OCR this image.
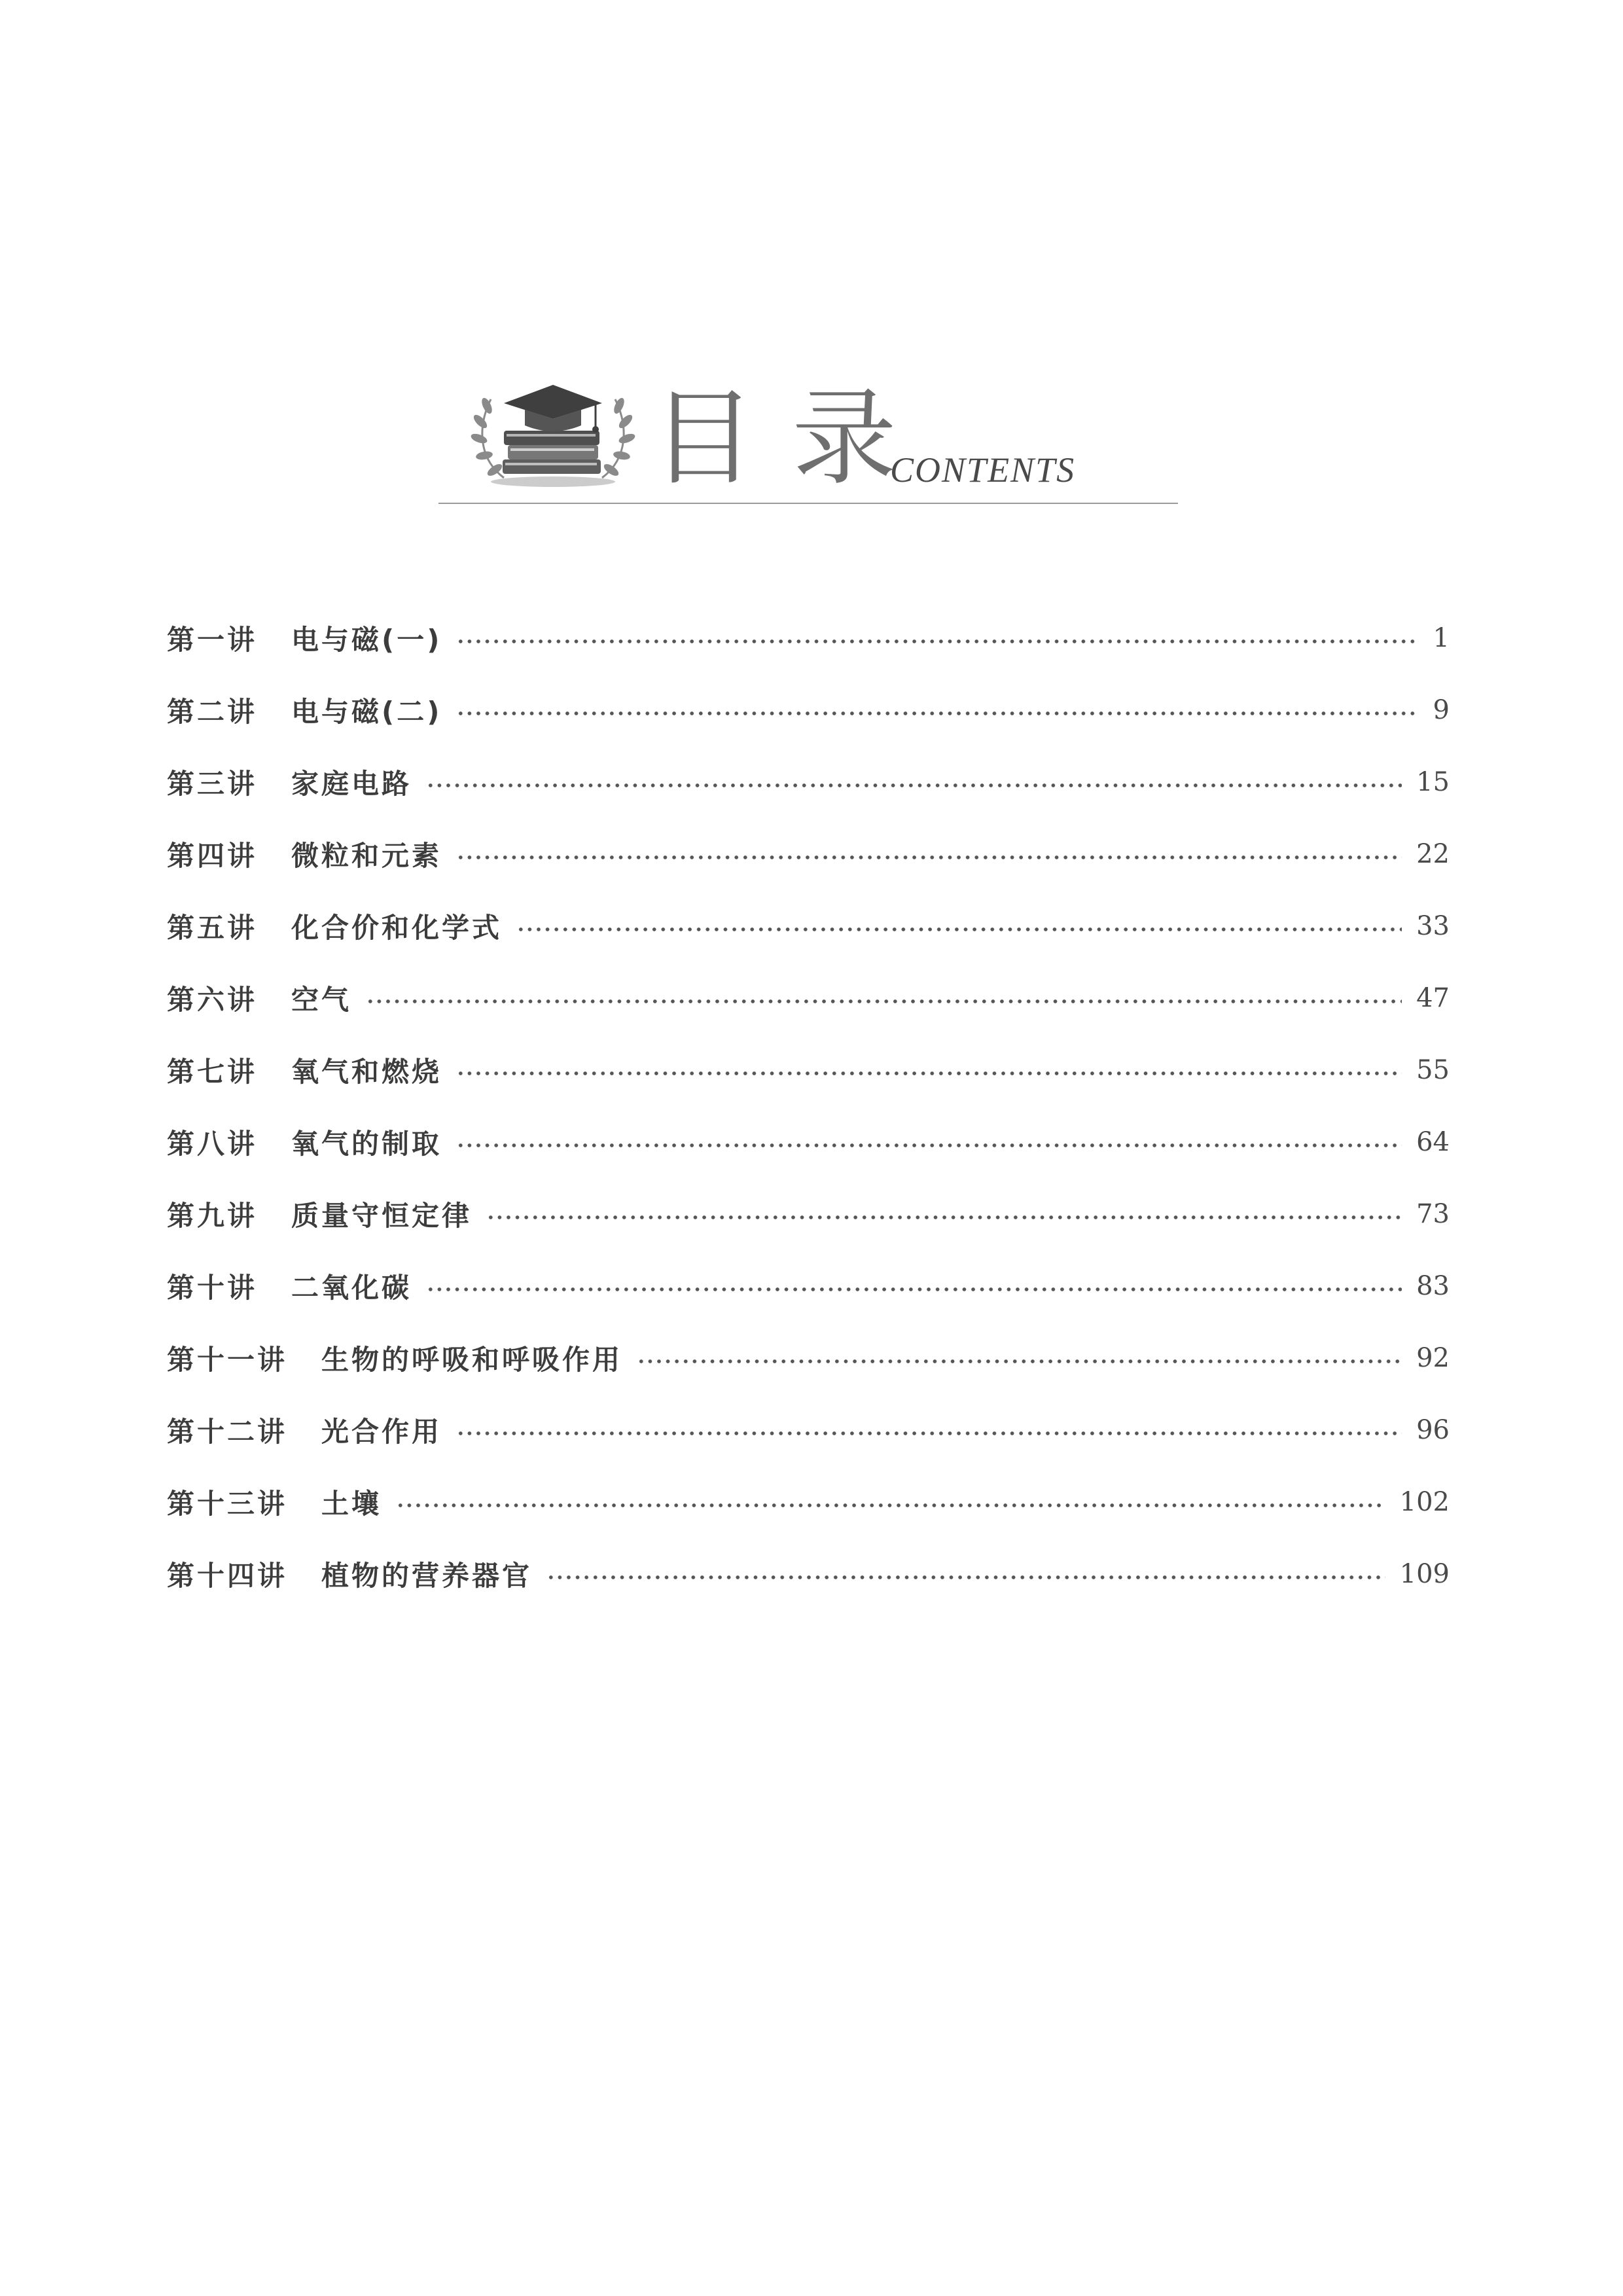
目录
CONTENTS
第一讲 电与磁(一)	1
第二讲 电与磁(二)	9
第三讲 家庭电路	15
第四讲 微粒和元素	22
第五讲 化合价和化学式	33
第六讲 空气	47
第七讲 氧气和燃烧	55
第八讲 氧气的制取	64
第九讲 质量守恒定律	73
第十讲 二氧化碳	83
第十一讲 生物的呼吸和呼吸作用	92
第十二讲 光合作用	96
第十三讲 土壤	102
第十四讲 植物的营养器官	109
